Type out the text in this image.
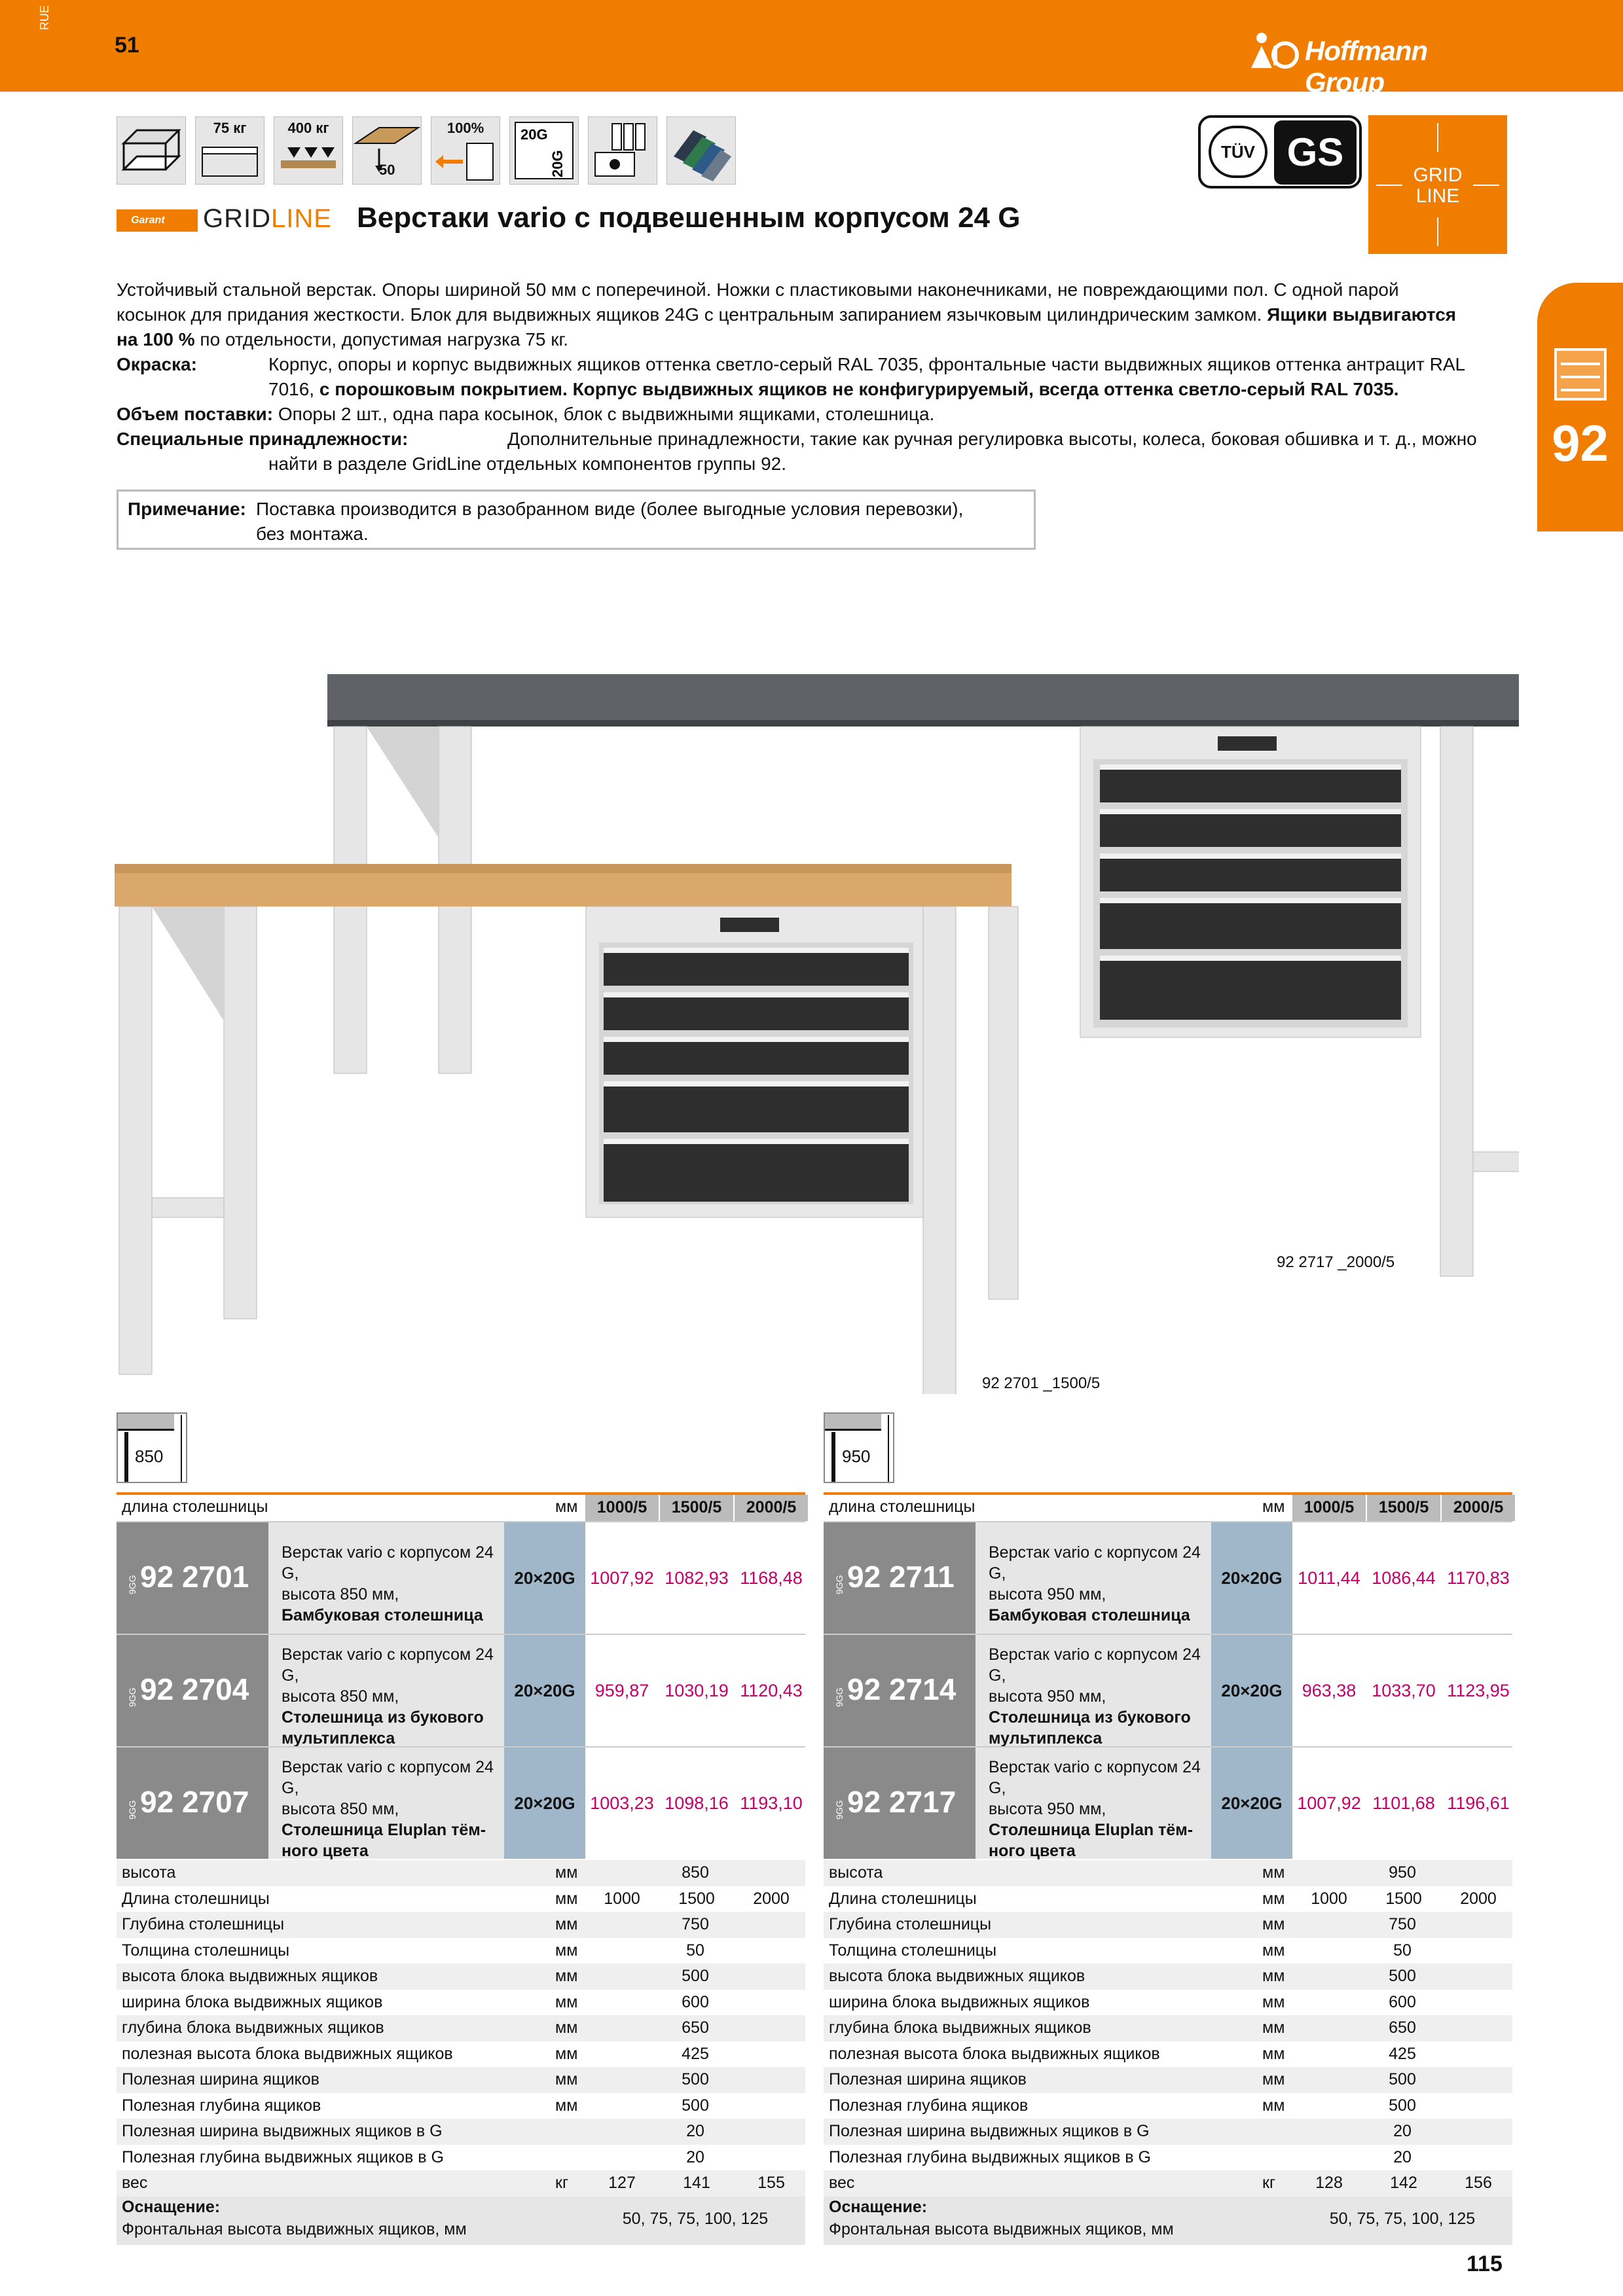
RUE
51	Hoffmann Group
75 кг	400 кг
50
100%	20G
20G	TÜV GS
GRID
LINE
Garant	GRIDLINE Верстаки vario с подвешенным корпусом 24 G

Устойчивый стальной верстак. Опоры шириной 50 мм с поперечиной. Ножки с пластиковыми наконечниками, не повреждающими пол. С одной парой

косынок для придания жесткости. Блок для выдвижных ящиков 24G с центральным запиранием язычковым цилиндрическим замком. Ящики выдвигаются

на 100 % по отдельности, допустимая нагрузка 75 кг.

Окраска:	Корпус, опоры и корпус выдвижных ящиков оттенка светло-серый RAL 7035, фронтальные части выдвижных ящиков оттенка антрацит RAL

7016, с порошковым покрытием. Корпус выдвижных ящиков не конфигурируемый, всегда оттенка светло-серый RAL 7035.

Объем поставки: Опоры 2 шт., одна пара косынок, блок с выдвижными ящиками, столешница.

Специальные принадлежности:	Дополнительные принадлежности, такие как ручная регулировка высоты, колеса, боковая обшивка и т. д., можно

найти в разделе GridLine отдельных компонентов группы 92.

Примечание: Поставка производится в разобранном виде (более выгодные условия перевозки),
без монтажа.
92
92 2717 _2000/5
92 2701 _1500/5
850
длина столешницы	мм	1000/5	1500/5	2000/5
9GG 92 2701
Верстак vario с корпусом 24 G,
высота 850 мм,
Бамбуковая столешница

20×20G 1007,92 1082,93 1168,48
9GG 92 2704
Верстак vario с корпусом 24 G,
высота 850 мм,
Столешница из букового
мультиплекса
20×20G	959,87 1030,19 1120,43
9GG 92 2707
Верстак vario с корпусом 24 G,
высота 850 мм,
Столешница Eluplan тём-
ного цвета
20×20G 1003,23 1098,16 1193,10
высота	мм	850
Длина столешницы	мм	1000	1500	2000
Глубина столешницы	мм	750
Толщина столешницы	мм	50
высота блока выдвижных ящиков	мм	500
ширина блока выдвижных ящиков	мм	600
глубина блока выдвижных ящиков	мм	650
полезная высота блока выдвижных ящиков	мм	425
Полезная ширина ящиков	мм	500
Полезная глубина ящиков	мм	500
Полезная ширина выдвижных ящиков в G	20
Полезная глубина выдвижных ящиков в G	20
вес	кг	127	141	155
Оснащение:
Фронтальная высота выдвижных ящиков, мм
50, 75, 75, 100, 125
950
длина столешницы	мм	1000/5	1500/5	2000/5
9GG 92 2711
Верстак vario с корпусом 24 G,
высота 950 мм,
Бамбуковая столешница

20×20G 1011,44 1086,44 1170,83
9GG 92 2714
Верстак vario с корпусом 24 G,
высота 950 мм,
Столешница из букового
мультиплекса
20×20G	963,38 1033,70 1123,95
9GG 92 2717
Верстак vario с корпусом 24 G,
высота 950 мм,
Столешница Eluplan тём-
ного цвета
20×20G 1007,92 1101,68 1196,61
высота	мм	950
Длина столешницы	мм	1000	1500	2000
Глубина столешницы	мм	750
Толщина столешницы	мм	50
высота блока выдвижных ящиков	мм	500
ширина блока выдвижных ящиков	мм	600
глубина блока выдвижных ящиков	мм	650
полезная высота блока выдвижных ящиков	мм	425
Полезная ширина ящиков	мм	500
Полезная глубина ящиков	мм	500
Полезная ширина выдвижных ящиков в G	20
Полезная глубина выдвижных ящиков в G	20
вес	кг	128	142	156
Оснащение:
Фронтальная высота выдвижных ящиков, мм
50, 75, 75, 100, 125
115
